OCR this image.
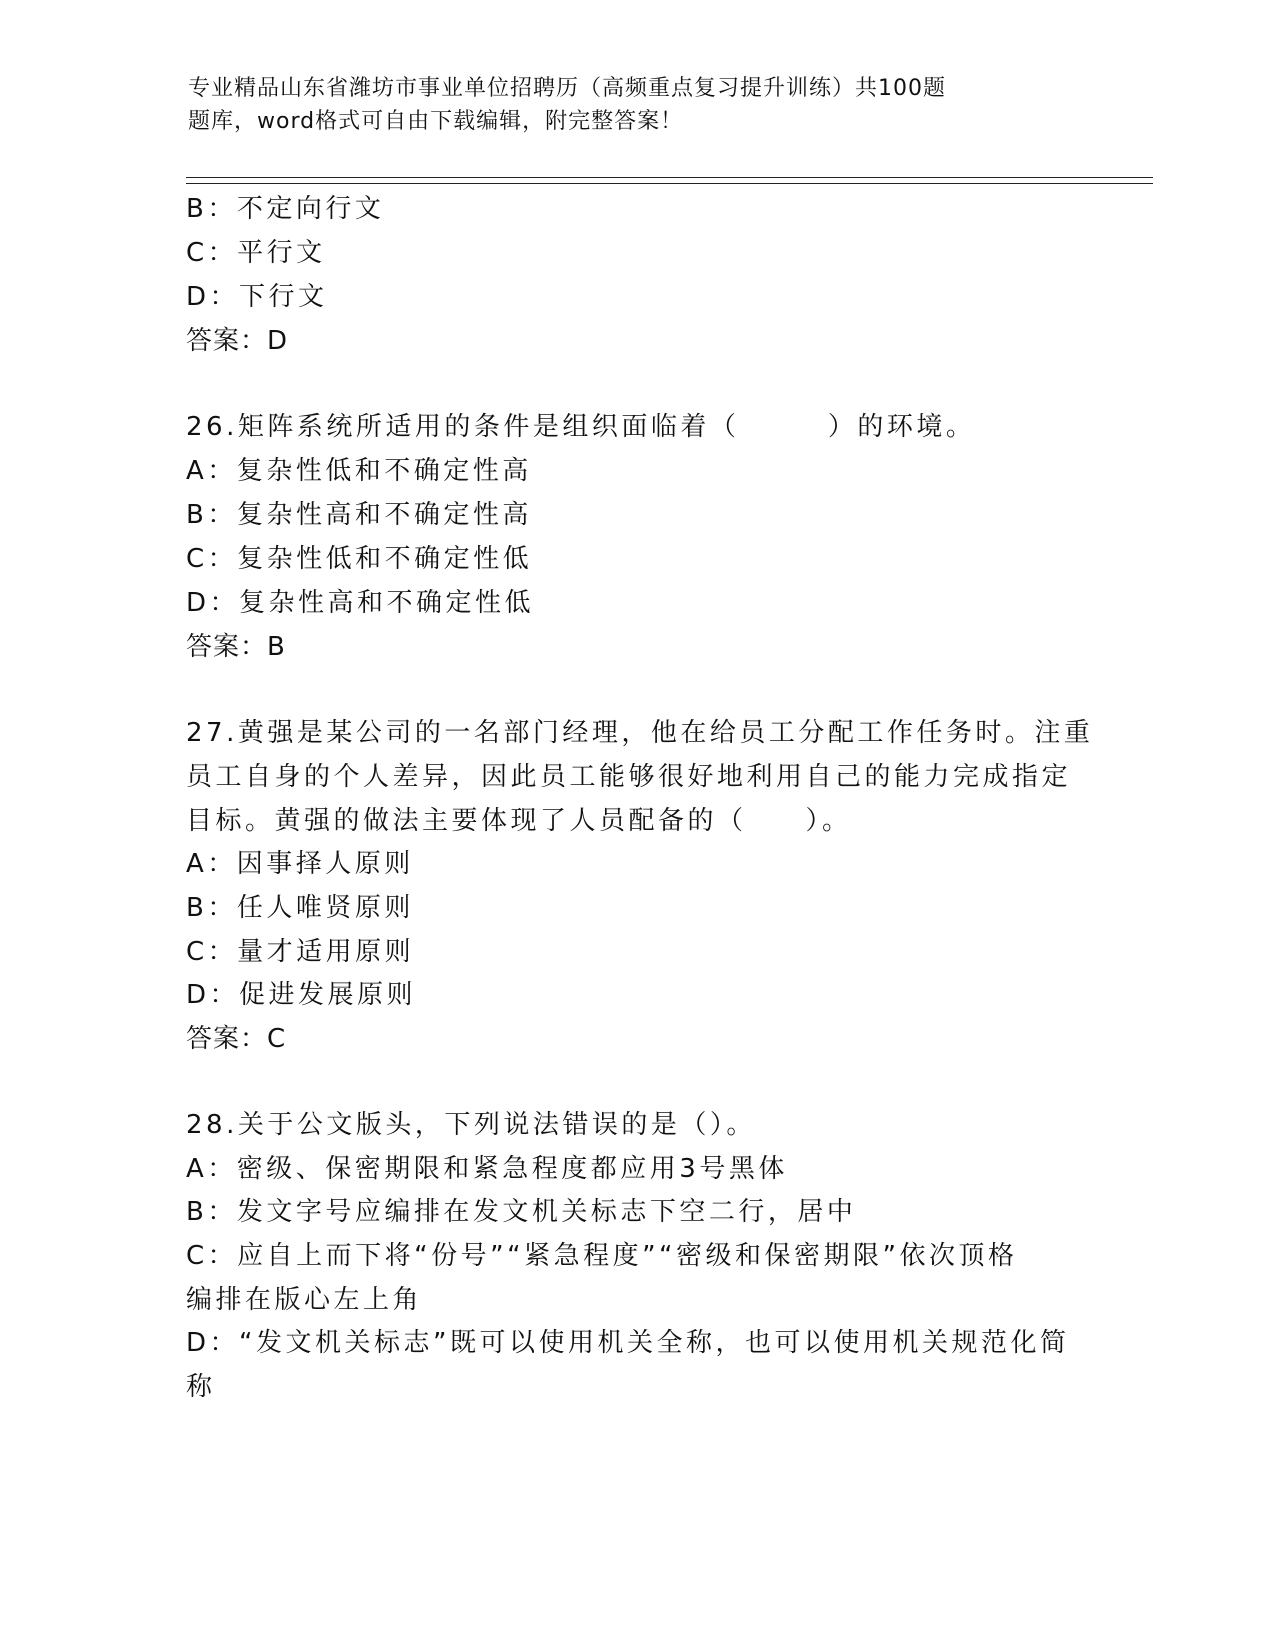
专业精品山东省潍坊市事业单位招聘历（高频重点复习提升训练）共100题
题库，word格式可自由下载编辑，附完整答案！
B：不定向行文
C：平行文
D：下行文
答案：D
26.矩阵系统所适用的条件是组织面临着（　　　）的环境。
A：复杂性低和不确定性高
B：复杂性高和不确定性高
C：复杂性低和不确定性低
D：复杂性高和不确定性低
答案：B
27.黄强是某公司的一名部门经理，他在给员工分配工作任务时。注重
员工自身的个人差异，因此员工能够很好地利用自己的能力完成指定
目标。黄强的做法主要体现了人员配备的（　　）。
A：因事择人原则
B：任人唯贤原则
C：量才适用原则
D：促进发展原则
答案：C
28.关于公文版头，下列说法错误的是（）。
A：密级、保密期限和紧急程度都应用3号黑体
B：发文字号应编排在发文机关标志下空二行，居中
C：应自上而下将“份号”“紧急程度”“密级和保密期限”依次顶格
编排在版心左上角
D：“发文机关标志”既可以使用机关全称，也可以使用机关规范化简
称
